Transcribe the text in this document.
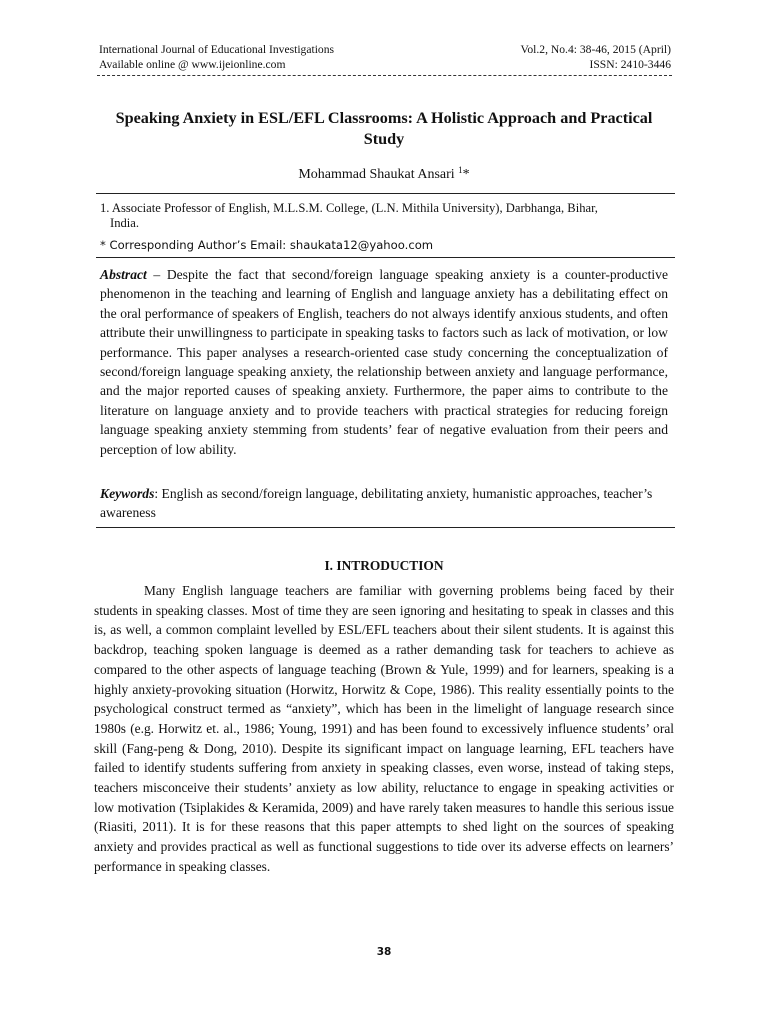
International Journal of Educational Investigations	Vol.2, No.4: 38-46, 2015 (April)
Available online @ www.ijeionline.com	ISSN: 2410-3446
Speaking Anxiety in ESL/EFL Classrooms: A Holistic Approach and Practical Study
Mohammad Shaukat Ansari $^1$*
1. Associate Professor of English, M.L.S.M. College, (L.N. Mithila University), Darbhanga, Bihar,
India.
* Corresponding Author’s Email: shaukata12@yahoo.com
Abstract – Despite the fact that second/foreign language speaking anxiety is a counter-productive phenomenon in the teaching and learning of English and language anxiety has a debilitating effect on the oral performance of speakers of English, teachers do not always identify anxious students, and often attribute their unwillingness to participate in speaking tasks to factors such as lack of motivation, or low performance. This paper analyses a research-oriented case study concerning the conceptualization of second/foreign language speaking anxiety, the relationship between anxiety and language performance, and the major reported causes of speaking anxiety. Furthermore, the paper aims to contribute to the literature on language anxiety and to provide teachers with practical strategies for reducing foreign language speaking anxiety stemming from students’ fear of negative evaluation from their peers and perception of low ability.
Keywords: English as second/foreign language, debilitating anxiety, humanistic approaches, teacher’s awareness
I. INTRODUCTION
Many English language teachers are familiar with governing problems being faced by their students in speaking classes. Most of time they are seen ignoring and hesitating to speak in classes and this is, as well, a common complaint levelled by ESL/EFL teachers about their silent students. It is against this backdrop, teaching spoken language is deemed as a rather demanding task for teachers to achieve as compared to the other aspects of language teaching (Brown & Yule, 1999) and for learners, speaking is a highly anxiety-provoking situation (Horwitz, Horwitz & Cope, 1986). This reality essentially points to the psychological construct termed as “anxiety”, which has been in the limelight of language research since 1980s (e.g. Horwitz et. al., 1986; Young, 1991) and has been found to excessively influence students’ oral skill (Fang-peng & Dong, 2010). Despite its significant impact on language learning, EFL teachers have failed to identify students suffering from anxiety in speaking classes, even worse, instead of taking steps, teachers misconceive their students’ anxiety as low ability, reluctance to engage in speaking activities or low motivation (Tsiplakides & Keramida, 2009) and have rarely taken measures to handle this serious issue (Riasiti, 2011). It is for these reasons that this paper attempts to shed light on the sources of speaking anxiety and provides practical as well as functional suggestions to tide over its adverse effects on learners’ performance in speaking classes.
38
